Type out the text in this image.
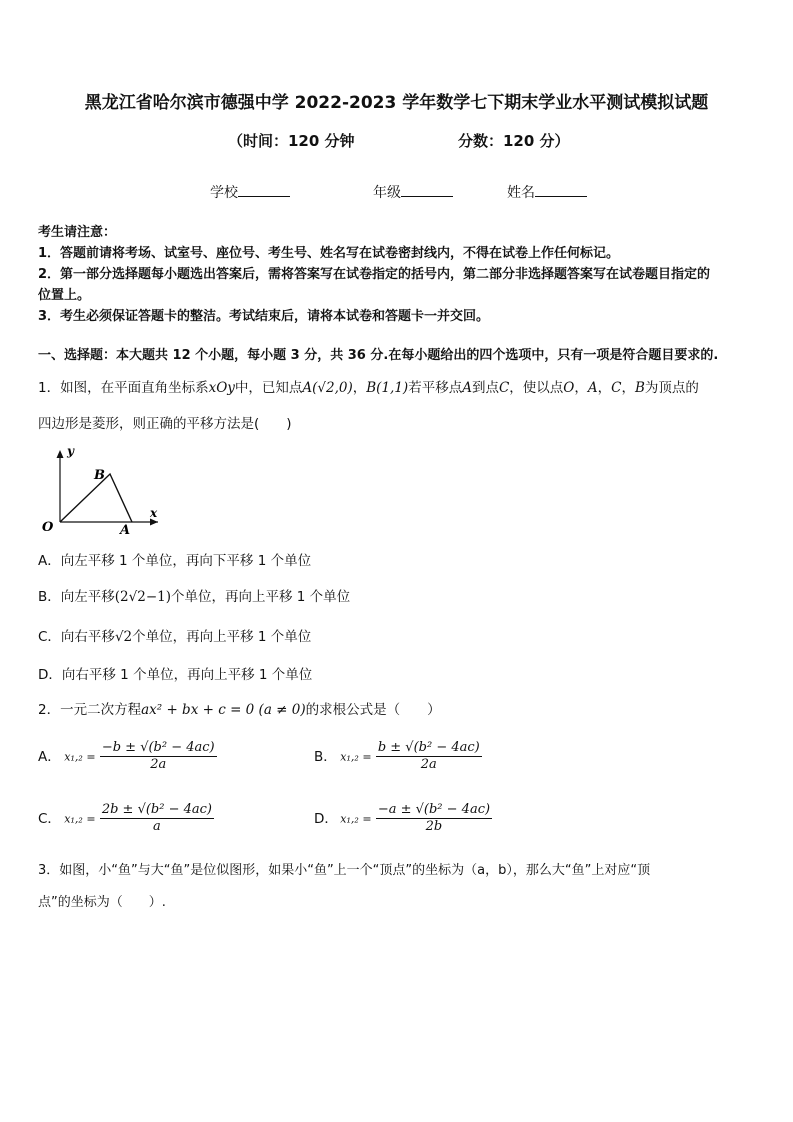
黑龙江省哈尔滨市德强中学 2022-2023 学年数学七下期末学业水平测试模拟试题
（时间：120 分钟	分数：120 分）
学校	年级	姓名
考生请注意：
1．答题前请将考场、试室号、座位号、考生号、姓名写在试卷密封线内，不得在试卷上作任何标记。
2．第一部分选择题每小题选出答案后，需将答案写在试卷指定的括号内，第二部分非选择题答案写在试卷题目指定的
位置上。
3．考生必须保证答题卡的整洁。考试结束后，请将本试卷和答题卡一并交回。
一、选择题：本大题共 12 个小题，每小题 3 分，共 36 分.在每小题给出的四个选项中，只有一项是符合题目要求的.
1．如图，在平面直角坐标系xOy中，已知点A(√2,0)，B(1,1)若平移点A到点C，使以点O，A，C，B为顶点的
四边形是菱形，则正确的平移方法是(　　)
y
x
B
O	A
A．向左平移 1 个单位，再向下平移 1 个单位
B．向左平移(2√2−1)个单位，再向上平移 1 个单位
C．向右平移√2个单位，再向上平移 1 个单位
D．向右平移 1 个单位，再向上平移 1 个单位
2．一元二次方程ax² + bx + c = 0 (a ≠ 0)的求根公式是（　　）
A． $x_1,_2 = \frac{\text{−b ± √(b² − 4ac)}}{2a}$	B． $x_1,_2 = \frac{\text{b ± √(b² − 4ac)}}{2a}$
C． $x_1,_2 = \frac{\text{2b ± √(b² − 4ac)}}{a}$	D． $x_1,_2 = \frac{\text{−a ± √(b² − 4ac)}}{2b}$
3．如图，小“鱼”与大“鱼”是位似图形，如果小“鱼”上一个“顶点”的坐标为（a，b），那么大“鱼”上对应“顶
点”的坐标为（　　）.
